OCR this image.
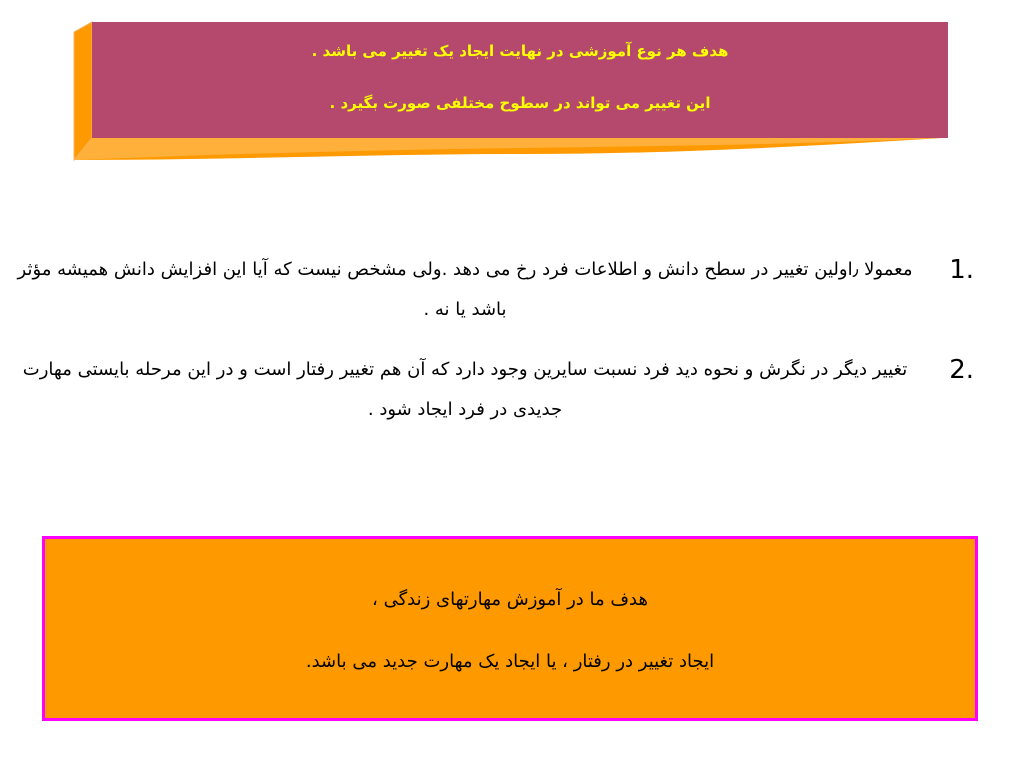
هدف هر نوع آموزشی در نهایت ایجاد یک تغییر می باشد .
این تغییر می تواند در سطوح مختلفی صورت بگیرد .
1.
معمولا ٫اولین تغییر در سطح دانش و اطلاعات فرد رخ می دهد .ولی مشخص نیست که آیا این افزایش دانش همیشه مؤثر باشد یا نه .
2.
تغییر دیگر در نگرش و نحوه دید فرد نسبت سایرین وجود دارد که آن هم تغییر رفتار است و در این مرحله بایستی مهارت جدیدی در فرد ایجاد شود .
هدف ما در آموزش مهارتهای زندگی ،
ایجاد تغییر در رفتار ، یا ایجاد یک مهارت جدید می باشد.
